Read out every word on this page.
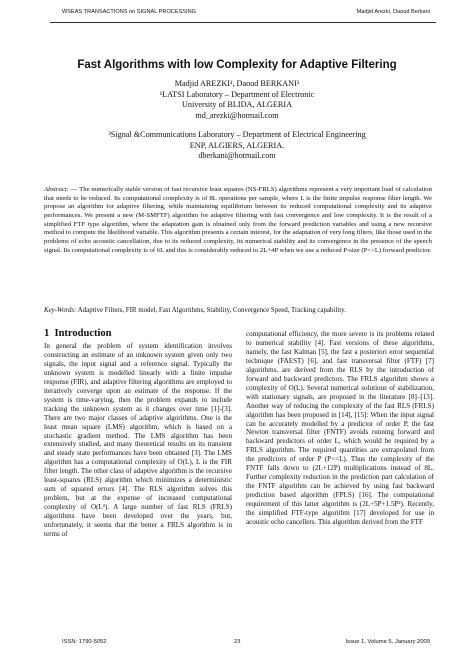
WSEAS TRANSACTIONS on SIGNAL PROCESSING	Madjid Arezki, Daoud Berkani
Fast Algorithms with low Complexity for Adaptive Filtering
Madjid AREZKI¹, Daoud BERKANI²
¹LATSI Laboratory – Department of Electronic
University of BLIDA, ALGERIA
md_arezki@hotmail.com
²Signal &Communications Laboratory – Department of Electrical Engineering
ENP, ALGIERS, ALGERIA.
dberkani@hotmail.com
Abstract: — The numerically stable version of fast recursive least squares (NS-FRLS) algorithms represent a very important load of calculation that needs to be reduced. Its computational complexity is of 8L operations per sample, where L is the finite impulse response filter length. We propose an algorithm for adaptive filtering, while maintaining equilibrium between its reduced computational complexity and its adaptive performances. We present a new (M-SMFTF) algorithm for adaptive filtering with fast convergence and low complexity. It is the result of a simplified FTF type algorithm, where the adaptation gain is obtained only from the forward prediction variables and using a new recursive method to compute the likelihood variable. This algorithm presents a certain interest, for the adaptation of very long filters, like those used in the problems of echo acoustic cancellation, due to its reduced complexity, its numerical stability and its convergence in the presence of the speech signal. Its computational complexity is of 6L and this is considerably reduced to 2L+4P when we use a reduced P-size (P<<L) forward predictor.
Key-Words: Adaptive Filters, FIR model, Fast Algorithms, Stability, Convergence Speed, Tracking capability.
1 Introduction
In general the problem of system identification involves constructing an estimate of an unknown system given only two signals, the input signal and a reference signal. Typically the unknown system is modelled linearly with a finite impulse response (FIR), and adaptive filtering algorithms are employed to iteratively converge upon an estimate of the response. If the system is time-varying, then the problem expands to include tracking the unknown system as it changes over time [1]-[3]. There are two major classes of adaptive algorithms. One is the least mean square (LMS) algorithm, which is based on a stochastic gradient method. The LMS algorithm has been extensively studied, and many theoretical results on its transient and steady state performances have been obtained [3]. The LMS algorithm has a computational complexity of O(L), L is the FIR filter length. The other class of adaptive algorithm is the recursive least-squares (RLS) algorithm which minimizes a deterministic sum of squared errors [4]. The RLS algorithm solves this problem, but at the expense of increased computational complexity of O(L²). A large number of fast RLS (FRLS) algorithms have been developed over the years, but, unfortunately, it seems that the better a FRLS algorithm is in terms of
computational efficiency, the more severe is its problems related to numerical stability [4]. Fast versions of these algorithms, namely, the fast Kalman [5], the fast a posteriori error sequential technique (FAEST) [6], and fast transversal filter (FTF) [7] algorithms, are derived from the RLS by the introduction of forward and backward predictors. The FRLS algorithm shows a complexity of O(L). Several numerical solutions of stabilization, with stationary signals, are proposed in the literature [8]–[13]. Another way of reducing the complexity of the fast RLS (FRLS) algorithm has been proposed in [14], [15]: When the input signal can be accurately modelled by a predictor of order P, the fast Newton transversal filter (FNTF) avoids running forward and backward predictors of order L, which would be required by a FRLS algorithm. The required quantities are extrapolated from the predictors of order P (P<<L). Thus the complexity of the FNTF falls down to (2L+12P) multiplications instead of 8L. Further complexity reduction in the prediction part calculation of the FNTF algorithm can be achieved by using fast backward prediction based algorithm (FPLS) [16]. The computational requirement of this latter algorithm is (2L+5P+1.5P²). Recently, the simplified FTF-type algorithm [17] developed for use in acoustic echo cancellers. This algorithm derived from the FTF
ISSN: 1790-5052	23	Issue 1, Volume 5, January 2009
